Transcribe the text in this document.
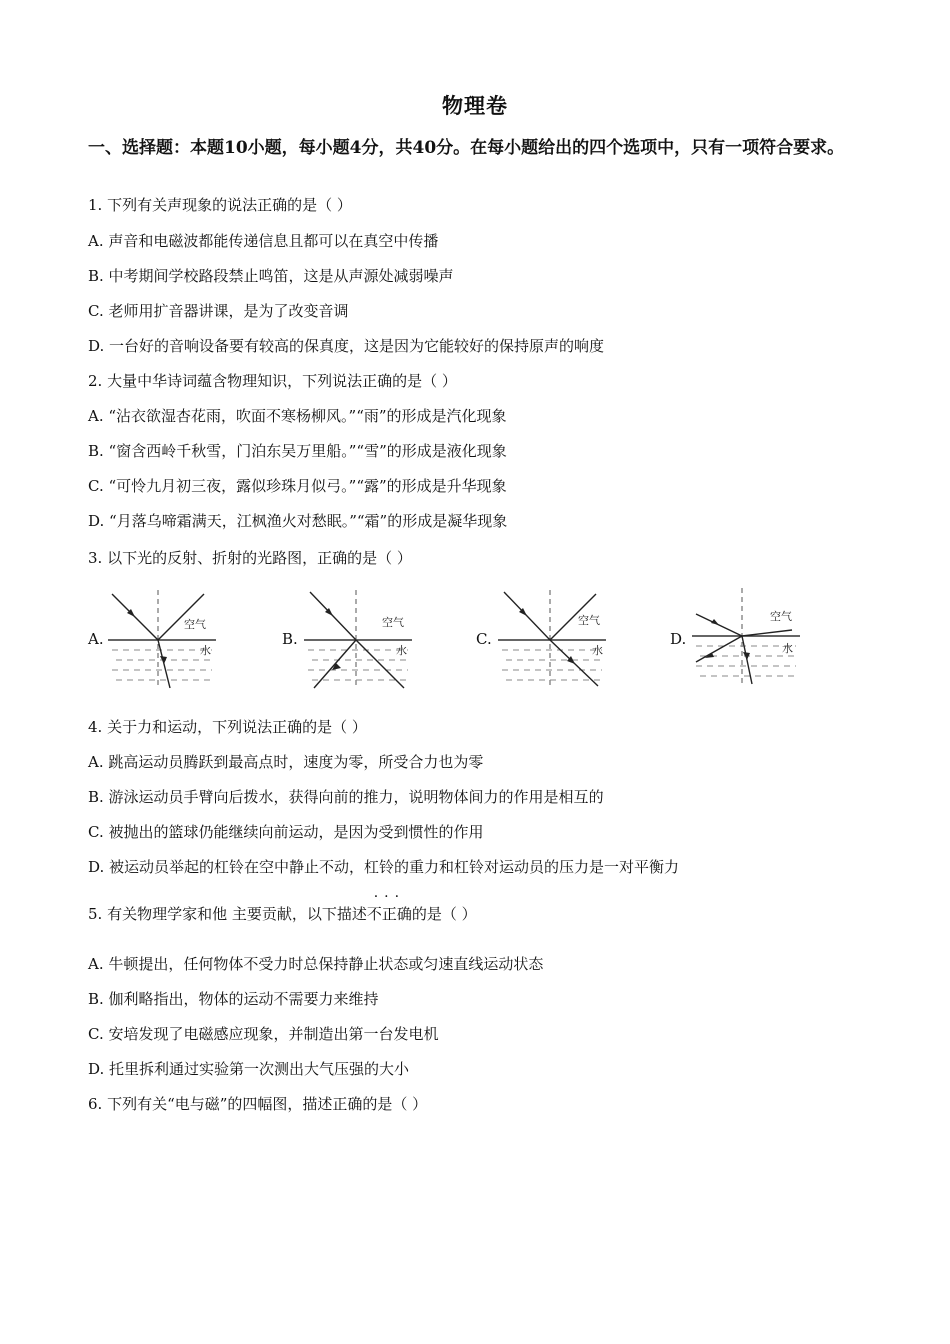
物理卷
一、选择题：本题10小题，每小题4分，共40分。在每小题给出的四个选项中，只有一项符合要求。
1. 下列有关声现象的说法正确的是（ ）
A. 声音和电磁波都能传递信息且都可以在真空中传播
B. 中考期间学校路段禁止鸣笛，这是从声源处减弱噪声
C. 老师用扩音器讲课，是为了改变音调
D. 一台好的音响设备要有较高的保真度，这是因为它能较好的保持原声的响度
2. 大量中华诗词蕴含物理知识，下列说法正确的是（ ）
A. “沾衣欲湿杏花雨，吹面不寒杨柳风。”“雨”的形成是汽化现象
B. “窗含西岭千秋雪，门泊东吴万里船。”“雪”的形成是液化现象
C. “可怜九月初三夜，露似珍珠月似弓。”“露”的形成是升华现象
D. “月落乌啼霜满天，江枫渔火对愁眠。”“霜”的形成是凝华现象
3. 以下光的反射、折射的光路图，正确的是（ ）
A.
空气
水
B.
空气
水
C.
空气
水
D.
空气
水
4. 关于力和运动，下列说法正确的是（ ）
A. 跳高运动员腾跃到最高点时，速度为零，所受合力也为零
B. 游泳运动员手臂向后拨水，获得向前的推力，说明物体间力的作用是相互的
C. 被抛出的篮球仍能继续向前运动，是因为受到惯性的作用
D. 被运动员举起的杠铃在空中静止不动，杠铃的重力和杠铃对运动员的压力是一对平衡力
5. 有关物理学家和他 主要贡献，以下描述
···
不正确的是（ ）
A. 牛顿提出，任何物体不受力时总保持静止状态或匀速直线运动状态
B. 伽利略指出，物体的运动不需要力来维持
C. 安培发现了电磁感应现象，并制造出第一台发电机
D. 托里拆利通过实验第一次测出大气压强的大小
6. 下列有关“电与磁”的四幅图，描述正确的是（ ）
